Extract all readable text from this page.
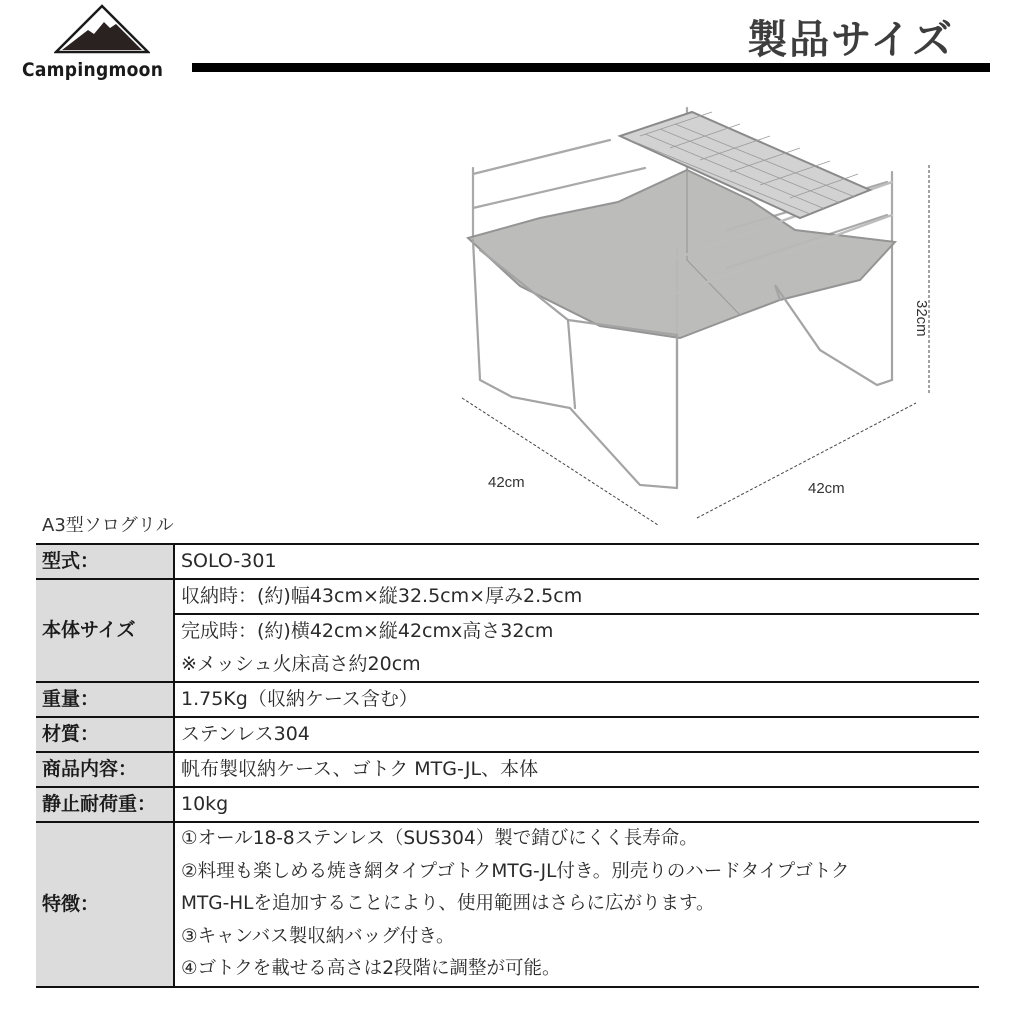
Campingmoon
製品サイズ
42cm	42cm
32cm
A3型ソログリル
型式：	SOLO-301
本体サイズ	収納時：(約)幅43cm×縦32.5cm×厚み2.5cm
完成時：(約)横42cm×縦42cmx高さ32cm
※メッシュ火床高さ約20cm

重量：	1.75Kg（収納ケース含む）
材質：	ステンレス304
商品内容：	帆布製収納ケース、ゴトク MTG-JL、本体
静止耐荷重：	10kg
特徴：	①オール18-8ステンレス（SUS304）製で錆びにくく長寿命。
②料理も楽しめる焼き網タイプゴトクMTG-JL付き。別売りのハードタイプゴトク
MTG-HLを追加することにより、使用範囲はさらに広がります。
③キャンバス製収納バッグ付き。
④ゴトクを載せる高さは2段階に調整が可能。
